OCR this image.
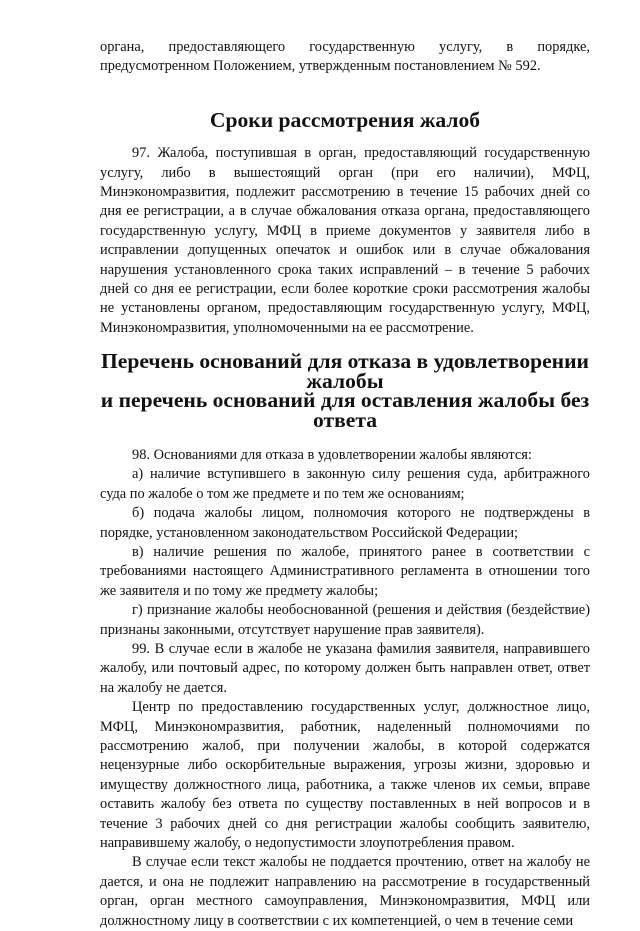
органа, предоставляющего государственную услугу, в порядке, предусмотренном Положением, утвержденным постановлением № 592.

Сроки рассмотрения жалоб

97. Жалоба, поступившая в орган, предоставляющий государственную услугу, либо в вышестоящий орган (при его наличии), МФЦ, Минэкономразвития, подлежит рассмотрению в течение 15 рабочих дней со дня ее регистрации, а в случае обжалования отказа органа, предоставляющего государственную услугу, МФЦ в приеме документов у заявителя либо в исправлении допущенных опечаток и ошибок или в случае обжалования нарушения установленного срока таких исправлений – в течение 5 рабочих дней со дня ее регистрации, если более короткие сроки рассмотрения жалобы не установлены органом, предоставляющим государственную услугу, МФЦ, Минэкономразвития, уполномоченными на ее рассмотрение.

Перечень оснований для отказа в удовлетворении жалобы
и перечень оснований для оставления жалобы без ответа

98. Основаниями для отказа в удовлетворении жалобы являются:

а) наличие вступившего в законную силу решения суда, арбитражного суда по жалобе о том же предмете и по тем же основаниям;

б) подача жалобы лицом, полномочия которого не подтверждены в порядке, установленном законодательством Российской Федерации;

в) наличие решения по жалобе, принятого ранее в соответствии с требованиями настоящего Административного регламента в отношении того же заявителя и по тому же предмету жалобы;

г) признание жалобы необоснованной (решения и действия (бездействие) признаны законными, отсутствует нарушение прав заявителя).

99. В случае если в жалобе не указана фамилия заявителя, направившего жалобу, или почтовый адрес, по которому должен быть направлен ответ, ответ на жалобу не дается.

Центр по предоставлению государственных услуг, должностное лицо, МФЦ, Минэкономразвития, работник, наделенный полномочиями по рассмотрению жалоб, при получении жалобы, в которой содержатся нецензурные либо оскорбительные выражения, угрозы жизни, здоровью и имуществу должностного лица, работника, а также членов их семьи, вправе оставить жалобу без ответа по существу поставленных в ней вопросов и в течение 3 рабочих дней со дня регистрации жалобы сообщить заявителю, направившему жалобу, о недопустимости злоупотребления правом.

В случае если текст жалобы не поддается прочтению, ответ на жалобу не дается, и она не подлежит направлению на рассмотрение в государственный орган, орган местного самоуправления, Минэкономразвития, МФЦ или должностному лицу в соответствии с их компетенцией, о чем в течение семи
